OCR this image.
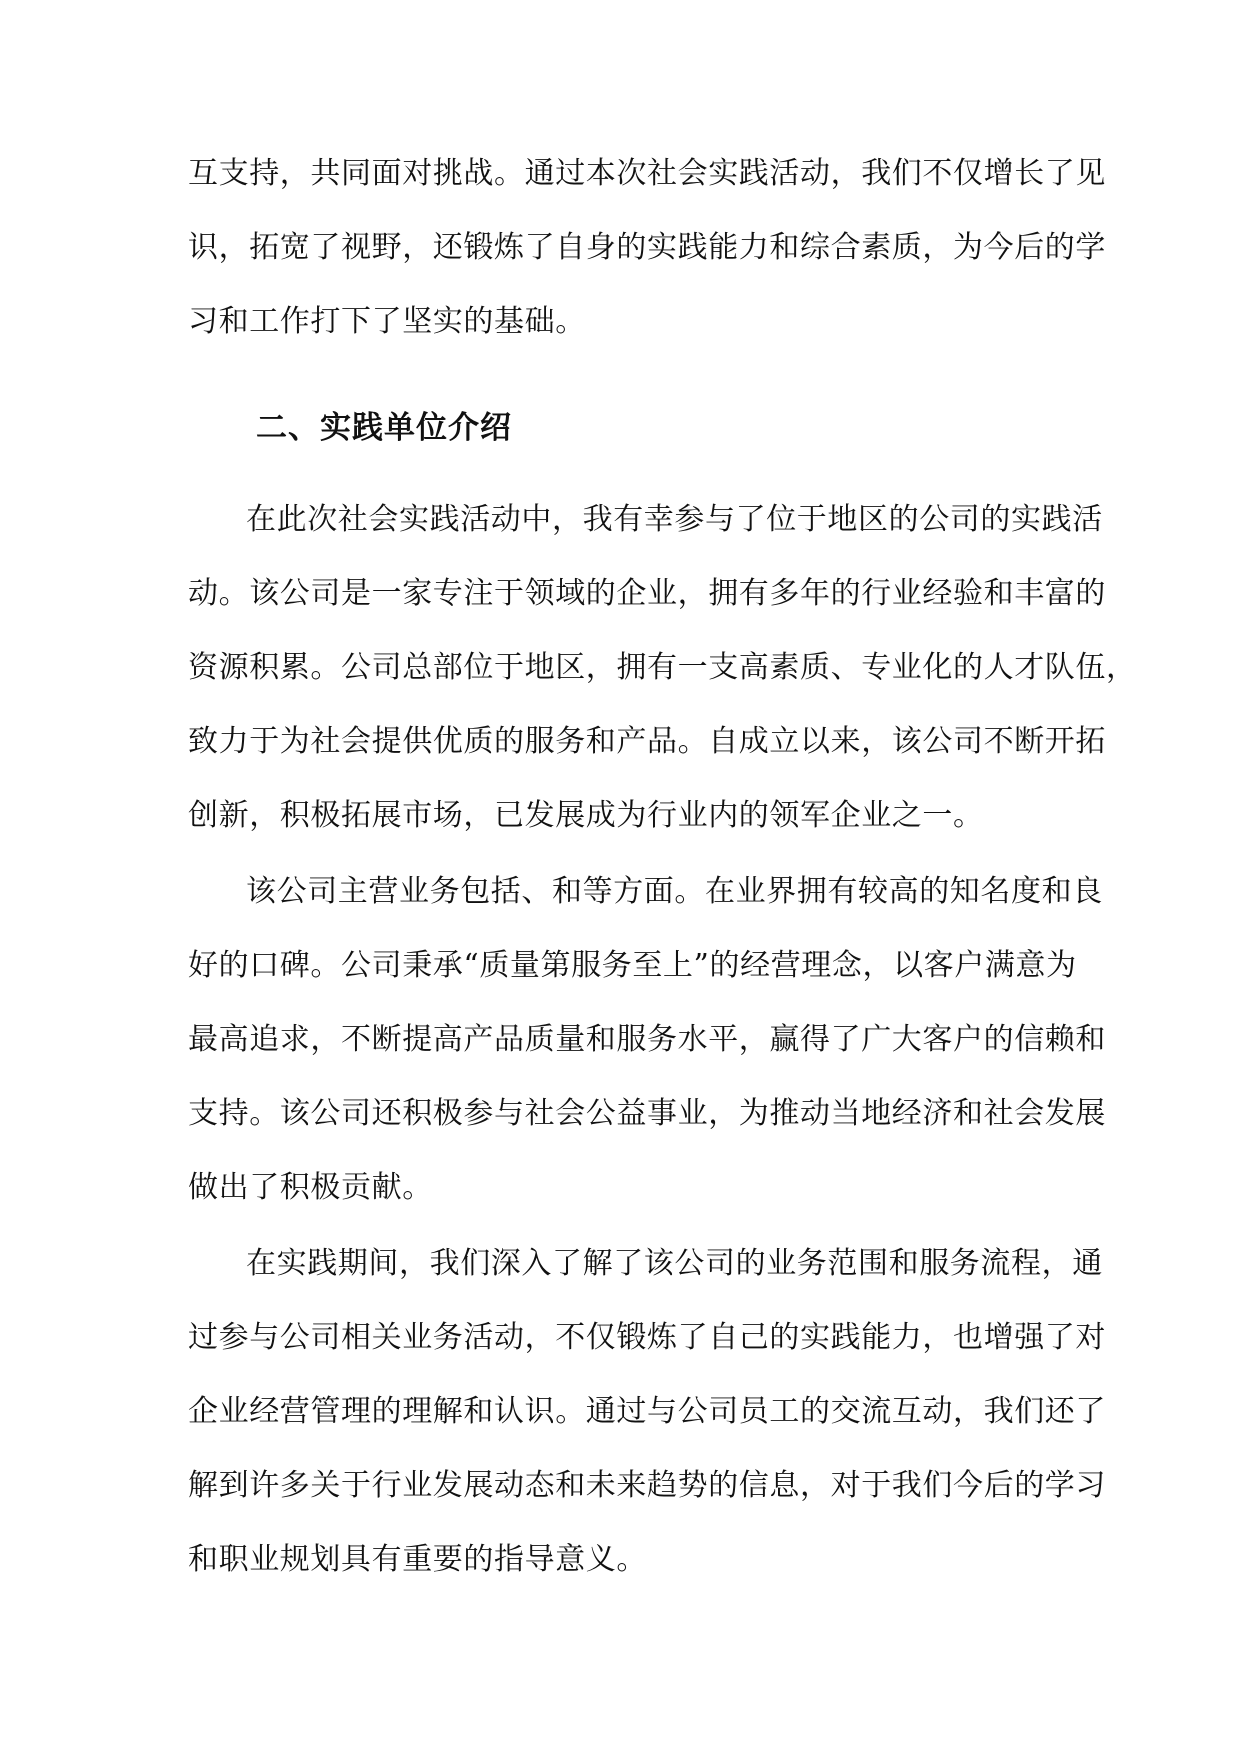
互支持，共同面对挑战。通过本次社会实践活动，我们不仅增长了见
识，拓宽了视野，还锻炼了自身的实践能力和综合素质，为今后的学
习和工作打下了坚实的基础。
二、实践单位介绍
在此次社会实践活动中，我有幸参与了位于地区的公司的实践活
动。该公司是一家专注于领域的企业，拥有多年的行业经验和丰富的
资源积累。公司总部位于地区，拥有一支高素质、专业化的人才队伍，
致力于为社会提供优质的服务和产品。自成立以来，该公司不断开拓
创新，积极拓展市场，已发展成为行业内的领军企业之一。
该公司主营业务包括、和等方面。在业界拥有较高的知名度和良
好的口碑。公司秉承“质量第服务至上”的经营理念，以客户满意为
最高追求，不断提高产品质量和服务水平，赢得了广大客户的信赖和
支持。该公司还积极参与社会公益事业，为推动当地经济和社会发展
做出了积极贡献。
在实践期间，我们深入了解了该公司的业务范围和服务流程，通
过参与公司相关业务活动，不仅锻炼了自己的实践能力，也增强了对
企业经营管理的理解和认识。通过与公司员工的交流互动，我们还了
解到许多关于行业发展动态和未来趋势的信息，对于我们今后的学习
和职业规划具有重要的指导意义。
